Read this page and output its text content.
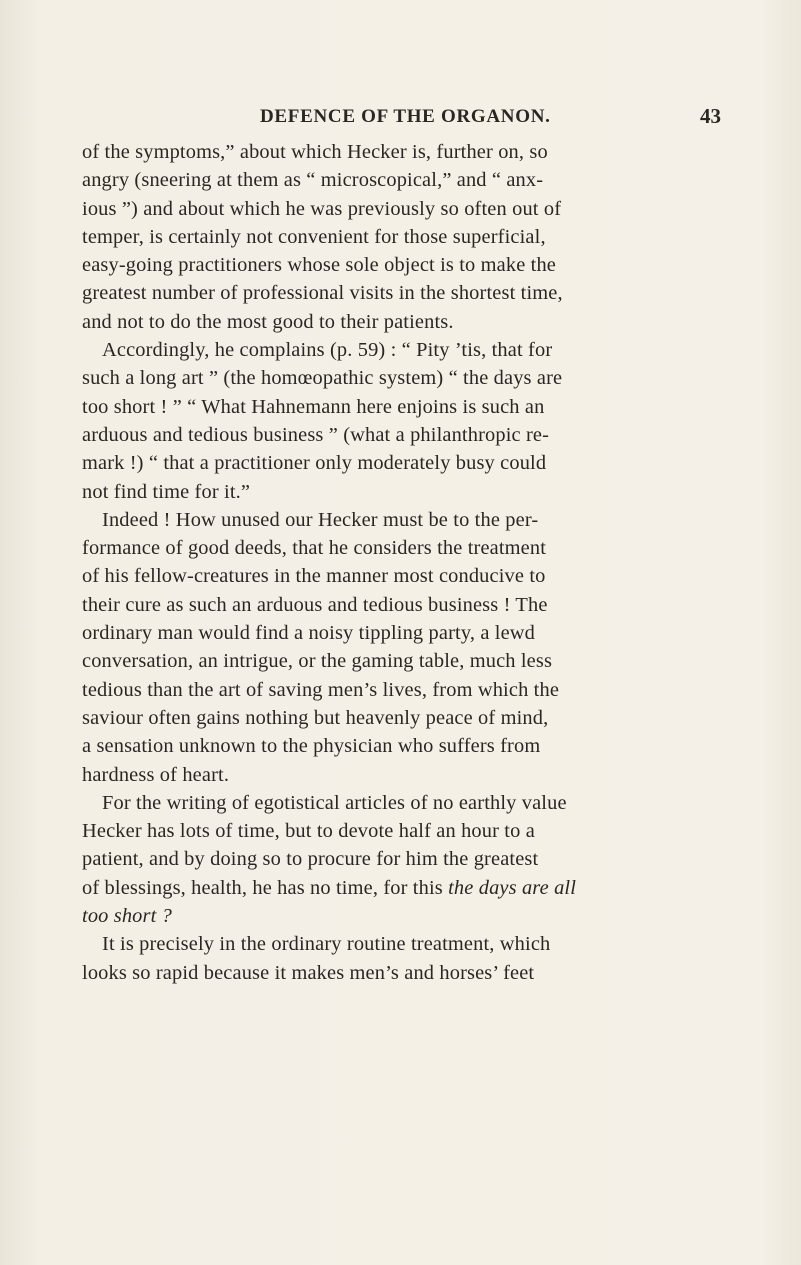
DEFENCE OF THE ORGANON.	43
of the symptoms,” about which Hecker is, further on, so
angry (sneering at them as “ microscopical,” and “ anx-
ious ”) and about which he was previously so often out of
temper, is certainly not convenient for those superficial,
easy-going practitioners whose sole object is to make the
greatest number of professional visits in the shortest time,
and not to do the most good to their patients.
Accordingly, he complains (p. 59) : “ Pity ’tis, that for
such a long art ” (the homœopathic system) “ the days are
too short ! ” “ What Hahnemann here enjoins is such an
arduous and tedious business ” (what a philanthropic re-
mark !) “ that a practitioner only moderately busy could
not find time for it.”
Indeed ! How unused our Hecker must be to the per-
formance of good deeds, that he considers the treatment
of his fellow-creatures in the manner most conducive to
their cure as such an arduous and tedious business ! The
ordinary man would find a noisy tippling party, a lewd
conversation, an intrigue, or the gaming table, much less
tedious than the art of saving men’s lives, from which the
saviour often gains nothing but heavenly peace of mind,
a sensation unknown to the physician who suffers from
hardness of heart.
For the writing of egotistical articles of no earthly value
Hecker has lots of time, but to devote half an hour to a
patient, and by doing so to procure for him the greatest
of blessings, health, he has no time, for this the days are all
too short ?
It is precisely in the ordinary routine treatment, which
looks so rapid because it makes men’s and horses’ feet
